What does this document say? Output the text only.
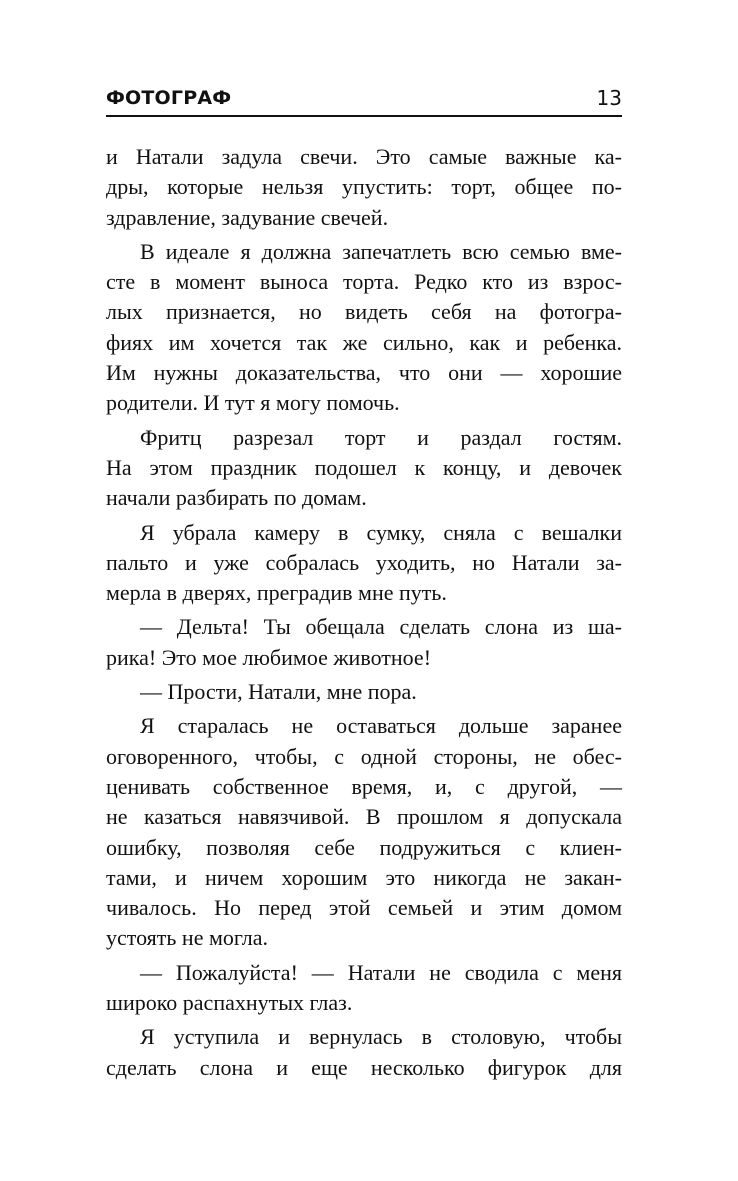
ФОТОГРАФ	13
и Натали задула свечи. Это самые важные ка-
дры, которые нельзя упустить: торт, общее по-
здравление, задувание свечей.
В идеале я должна запечатлеть всю семью вме-
сте в момент выноса торта. Редко кто из взрос-
лых признается, но видеть себя на фотогра-
фиях им хочется так же сильно, как и ребенка.
Им нужны доказательства, что они — хорошие
родители. И тут я могу помочь.
Фритц разрезал торт и раздал гостям.
На этом праздник подошел к концу, и девочек
начали разбирать по домам.
Я убрала камеру в сумку, сняла с вешалки
пальто и уже собралась уходить, но Натали за-
мерла в дверях, преградив мне путь.
— Дельта! Ты обещала сделать слона из ша-
рика! Это мое любимое животное!
— Прости, Натали, мне пора.
Я старалась не оставаться дольше заранее
оговоренного, чтобы, с одной стороны, не обес-
ценивать собственное время, и, с другой, —
не казаться навязчивой. В прошлом я допускала
ошибку, позволяя себе подружиться с клиен-
тами, и ничем хорошим это никогда не закан-
чивалось. Но перед этой семьей и этим домом
устоять не могла.
— Пожалуйста! — Натали не сводила с меня
широко распахнутых глаз.
Я уступила и вернулась в столовую, чтобы
сделать слона и еще несколько фигурок для
